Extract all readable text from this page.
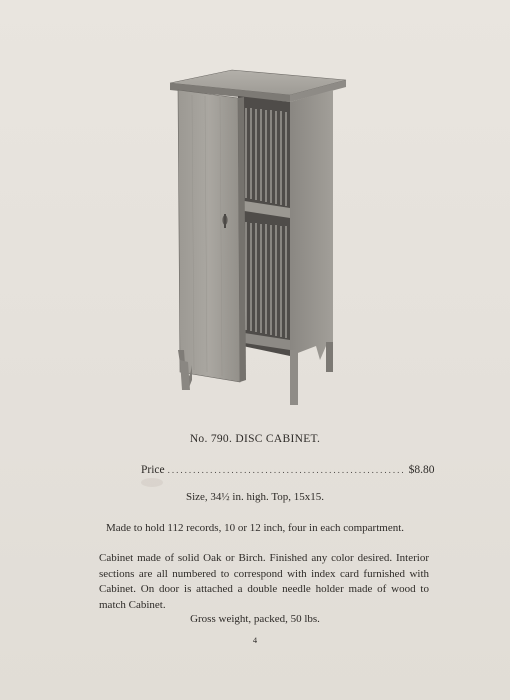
No. 790. DISC CABINET.
Price ........................................................ $8.80
Size, 34½ in. high. Top, 15x15.
Made to hold 112 records, 10 or 12 inch, four in each compartment.
Cabinet made of solid Oak or Birch. Finished any color desired. Interior sections are all numbered to correspond with index card furnished with Cabinet. On door is attached a double needle holder made of wood to match Cabinet.
Gross weight, packed, 50 lbs.
4
